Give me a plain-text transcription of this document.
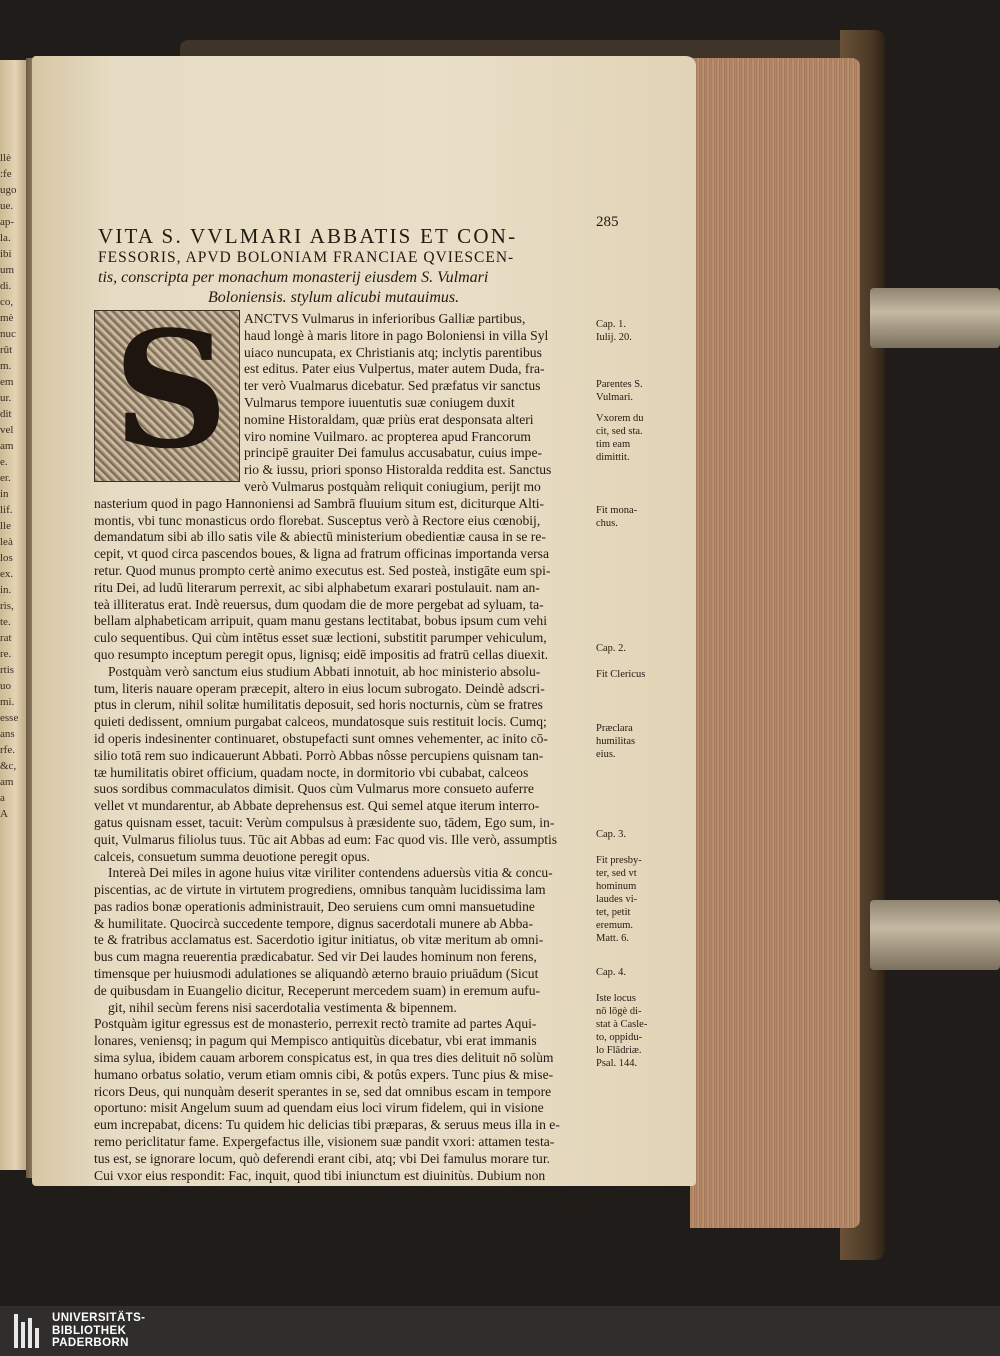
llè
:fe
ugo
ue.
ap-
la.
ibi
um
di.
co,
mè
nuc
rūt
m.
em
ur.
dit
vel
am
e.
er.
in
lif.
lle
leà
los
ex.
in.
ris,
te.
rat
re.
rtis
uo
mi.
esse
ans
rfe.
&c,
am
a
A
285
VITA S. VVLMARI ABBATIS ET CON-
FESSORIS, APVD BOLONIAM FRANCIAE QVIESCEN-
tis, conscripta per monachum monasterij eiusdem S. Vulmari
Boloniensis. stylum alicubi mutauimus.
ANCTVS Vulmarus in inferioribus Galliæ partibus,
haud longè à maris litore in pago Boloniensi in villa Syl
uiaco nuncupata, ex Christianis atq; inclytis parentibus
est editus. Pater eius Vulpertus, mater autem Duda, fra-
ter verò Vualmarus dicebatur. Sed præfatus vir sanctus
Vulmarus tempore iuuentutis suæ coniugem duxit
nomine Historaldam, quæ priùs erat desponsata alteri
viro nomine Vuilmaro. ac propterea apud Francorum
principē grauiter Dei famulus accusabatur, cuius impe-
rio & iussu, priori sponso Historalda reddita est. Sanctus
verò Vulmarus postquàm reliquit coniugium, perijt mo
nasterium quod in pago Hannoniensi ad Sambrā fluuium situm est, diciturque Alti-
montis, vbi tunc monasticus ordo florebat. Susceptus verò à Rectore eius cœnobij,
demandatum sibi ab illo satis vile & abiectū ministerium obedientiæ causa in se re-
cepit, vt quod circa pascendos boues, & ligna ad fratrum officinas importanda versa
retur. Quod munus prompto certè animo executus est. Sed posteà, instigāte eum spi-
ritu Dei, ad ludū literarum perrexit, ac sibi alphabetum exarari postulauit. nam an-
teà illiteratus erat. Indè reuersus, dum quodam die de more pergebat ad syluam, ta-
bellam alphabeticam arripuit, quam manu gestans lectitabat, bobus ipsum cum vehi
culo sequentibus. Qui cùm intētus esset suæ lectioni, substitit parumper vehiculum,
quo resumpto inceptum peregit opus, lignisq; eidē impositis ad fratrū cellas diuexit.
Postquàm verò sanctum eius studium Abbati innotuit, ab hoc ministerio absolu-
tum, literis nauare operam præcepit, altero in eius locum subrogato. Deindè adscri-
ptus in clerum, nihil solitæ humilitatis deposuit, sed horis nocturnis, cùm se fratres
quieti dedissent, omnium purgabat calceos, mundatosque suis restituit locis. Cumq;
id operis indesinenter continuaret, obstupefacti sunt omnes vehementer, ac inito cō-
silio totā rem suo indicauerunt Abbati. Porrò Abbas nôsse percupiens quisnam tan-
tæ humilitatis obiret officium, quadam nocte, in dormitorio vbi cubabat, calceos
suos sordibus commaculatos dimisit. Quos cùm Vulmarus more consueto auferre
vellet vt mundarentur, ab Abbate deprehensus est. Qui semel atque iterum interro-
gatus quisnam esset, tacuit: Verùm compulsus à præsidente suo, tādem, Ego sum, in-
quit, Vulmarus filiolus tuus. Tūc ait Abbas ad eum: Fac quod vis. Ille verò, assumptis
calceis, consuetum summa deuotione peregit opus.
Intereà Dei miles in agone huius vitæ viriliter contendens aduersùs vitia & concu-
piscentias, ac de virtute in virtutem progrediens, omnibus tanquàm lucidissima lam
pas radios bonæ operationis administrauit, Deo seruiens cum omni mansuetudine
& humilitate. Quocircà succedente tempore, dignus sacerdotali munere ab Abba-
te & fratribus acclamatus est. Sacerdotio igitur initiatus, ob vitæ meritum ab omni-
bus cum magna reuerentia prædicabatur. Sed vir Dei laudes hominum non ferens,
timensque per huiusmodi adulationes se aliquandò æterno brauio priuādum (Sicut
de quibusdam in Euangelio dicitur, Receperunt mercedem suam) in eremum aufu-
git, nihil secùm ferens nisi sacerdotalia vestimenta & bipennem.
Postquàm igitur egressus est de monasterio, perrexit rectò tramite ad partes Aqui-
lonares, veniensq; in pagum qui Mempisco antiquitùs dicebatur, vbi erat immanis
sima sylua, ibidem cauam arborem conspicatus est, in qua tres dies delituit nō solùm
humano orbatus solatio, verum etiam omnis cibi, & potûs expers. Tunc pius & mise-
ricors Deus, qui nunquàm deserit sperantes in se, sed dat omnibus escam in tempore
oportuno: misit Angelum suum ad quendam eius loci virum fidelem, qui in visione
eum increpabat, dicens: Tu quidem hic delicias tibi præparas, & seruus meus illa in e-
remo periclitatur fame. Expergefactus ille, visionem suæ pandit vxori: attamen testa-
tus est, se ignorare locum, quò deferendi erant cibi, atq; vbi Dei famulus morare tur.
Cui vxor eius respondit: Fac, inquit, quod tibi iniunctum est diuinitùs. Dubium non
est, quin Angelus Dei bonus comitabitur te, & deducet ad destinatum locum: ego ve-
rò pa-
S	Cap. 1.
Iulij. 20.
Parentes S.
Vulmari.
Vxorem du
cit, sed sta.
tim eam
dimittit.
Fit mona-
chus.
Cap. 2.
Fit Clericus
Præclara
humilitas
eius.
Cap. 3.
Fit presby-
ter, sed vt
hominum
laudes vi-
tet, petit
eremum.
Matt. 6.
Cap. 4.
Iste locus
nō lōgè di-
stat à Casle-
to, oppidu-
lo Flādriæ.
Psal. 144.
UNIVERSITÄTS-
BIBLIOTHEK
PADERBORN
